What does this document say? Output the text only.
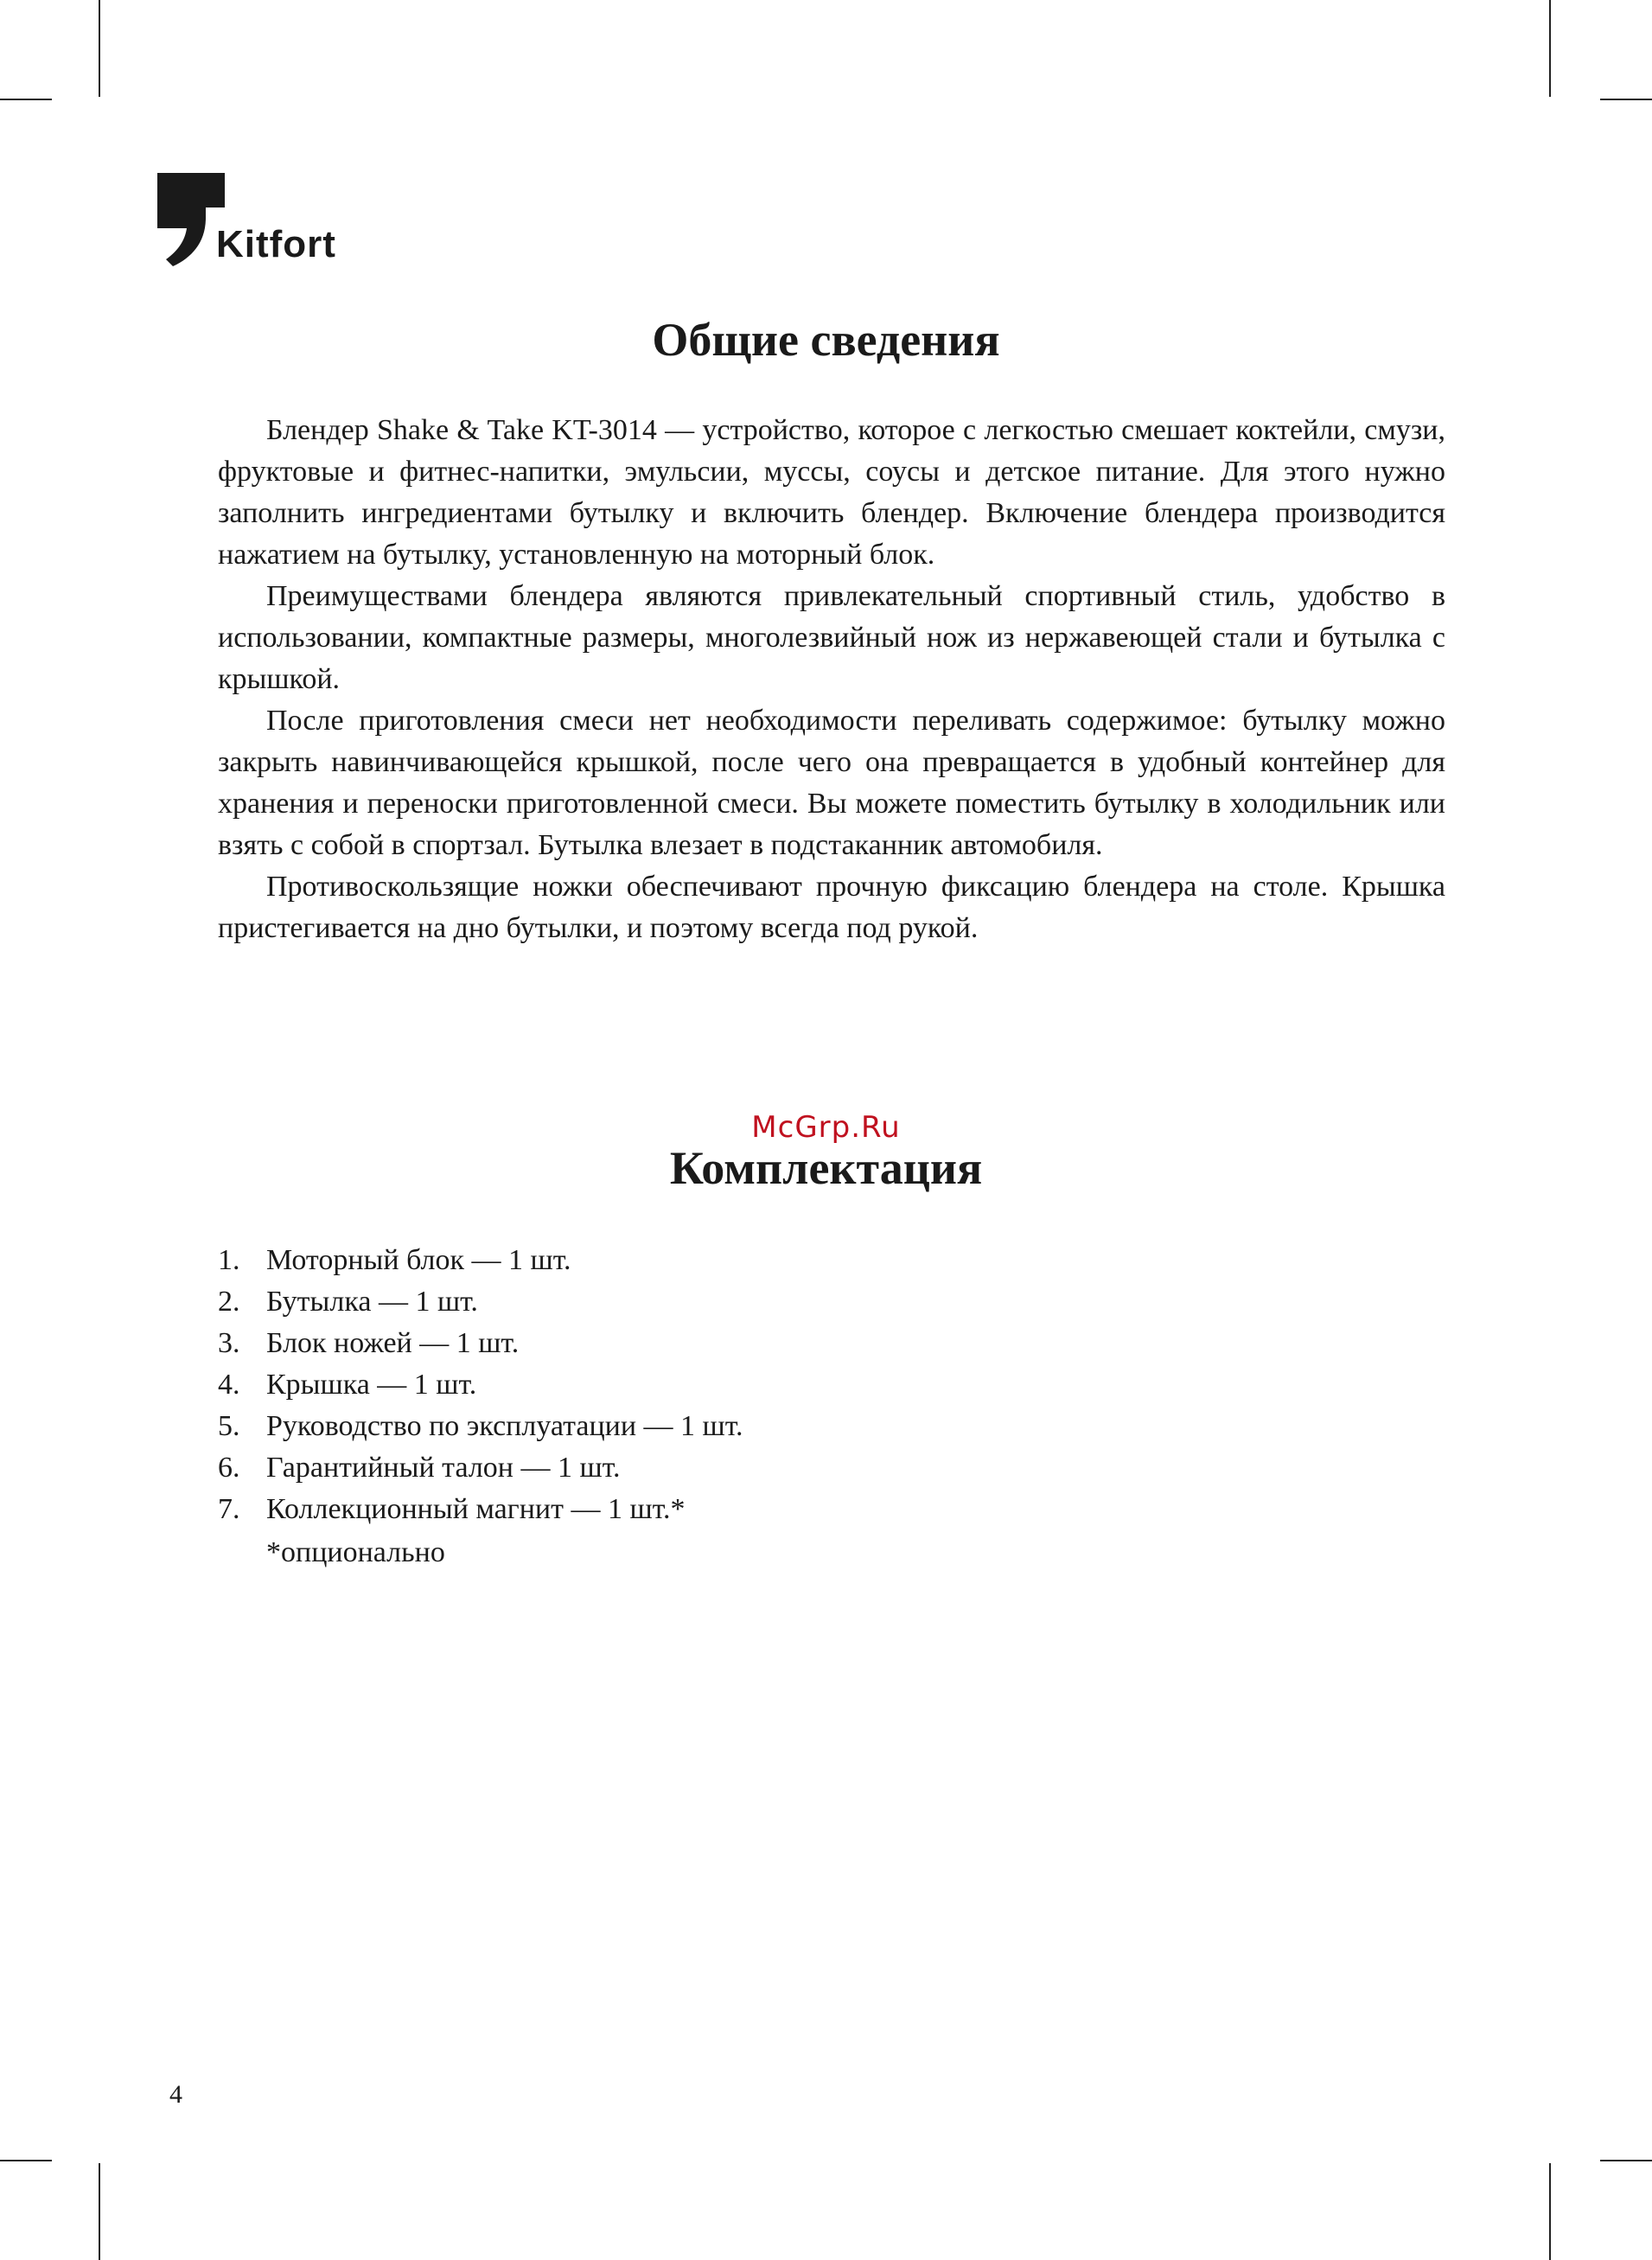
Kitfort
Общие сведения

Блендер Shake & Take KT-3014 — устройство, которое с легкостью смешает коктейли, смузи, фруктовые и фитнес-напитки, эмульсии, муссы, соусы и детское питание. Для этого нужно заполнить ингредиентами бутылку и включить блендер. Включение блендера производится нажатием на бутылку, установленную на моторный блок.

Преимуществами блендера являются привлекательный спортивный стиль, удобство в использовании, компактные размеры, многолезвийный нож из нержавеющей стали и бутылка с крышкой.

После приготовления смеси нет необходимости переливать содержимое: бутылку можно закрыть навинчивающейся крышкой, после чего она превращается в удобный контейнер для хранения и переноски приготовленной смеси. Вы можете поместить бутылку в холодильник или взять с собой в спортзал. Бутылка влезает в подстаканник автомобиля.

Противоскользящие ножки обеспечивают прочную фиксацию блендера на столе. Крышка пристегивается на дно бутылки, и поэтому всегда под рукой.

McGrp.Ru
Комплектация
1. Моторный блок — 1 шт.
2. Бутылка — 1 шт.
3. Блок ножей — 1 шт.
4. Крышка — 1 шт.
5. Руководство по эксплуатации — 1 шт.
6. Гарантийный талон — 1 шт.
7. Коллекционный магнит — 1 шт.*
*опционально
4
